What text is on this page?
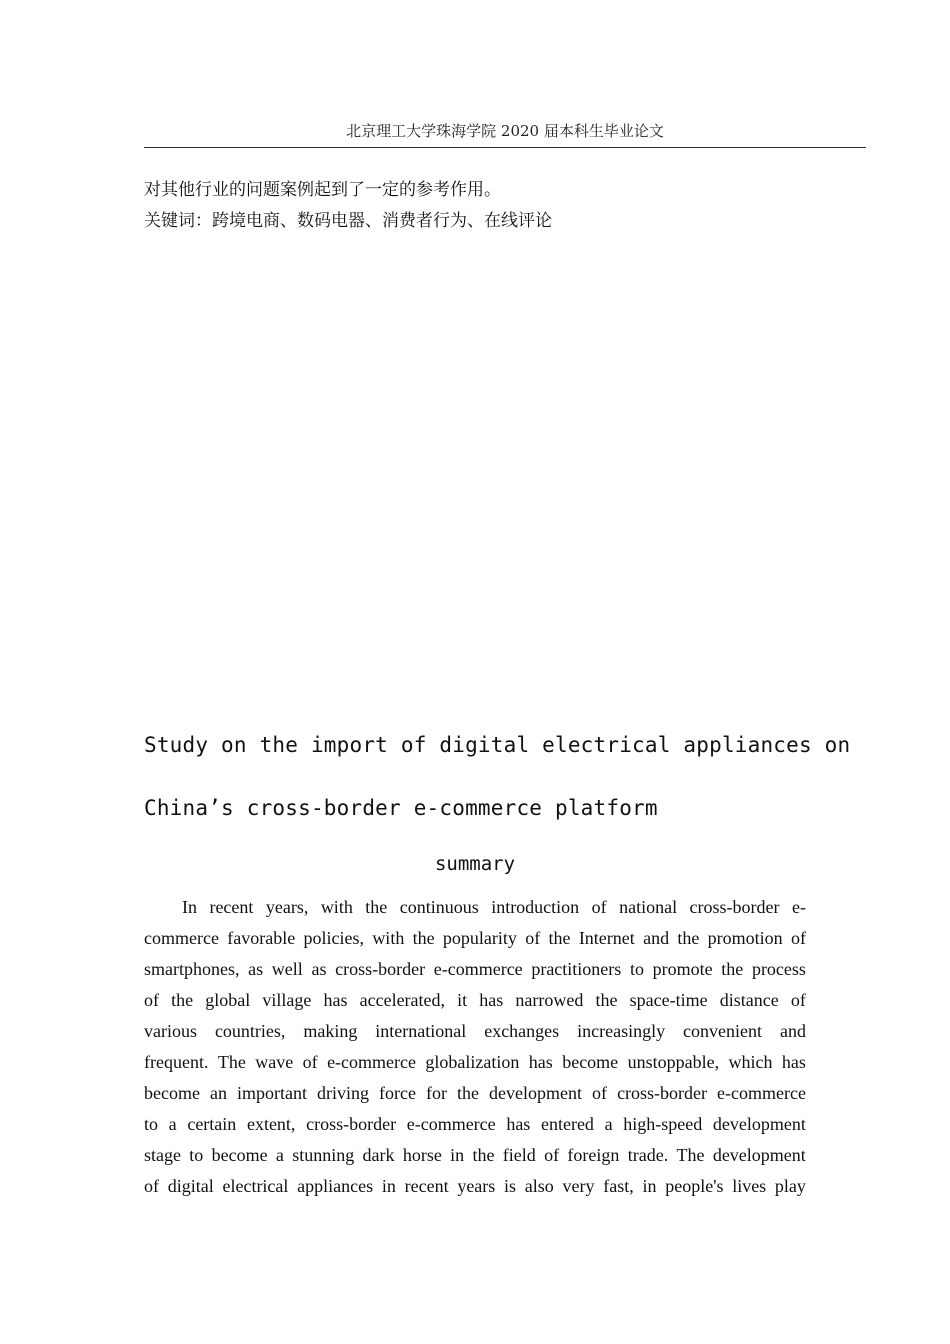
北京理工大学珠海学院 2020 届本科生毕业论文
对其他行业的问题案例起到了一定的参考作用。
关键词：跨境电商、数码电器、消费者行为、在线评论
Study on the import of digital electrical appliances on
China’s cross-border e-commerce platform
summary
In recent years, with the continuous introduction of national cross-border e-
commerce favorable policies, with the popularity of the Internet and the promotion of
smartphones, as well as cross-border e-commerce practitioners to promote the process
of the global village has accelerated, it has narrowed the space-time distance of
various countries, making international exchanges increasingly convenient and
frequent. The wave of e-commerce globalization has become unstoppable, which has
become an important driving force for the development of cross-border e-commerce
to a certain extent, cross-border e-commerce has entered a high-speed development
stage to become a stunning dark horse in the field of foreign trade. The development
of digital electrical appliances in recent years is also very fast, in people's lives play
